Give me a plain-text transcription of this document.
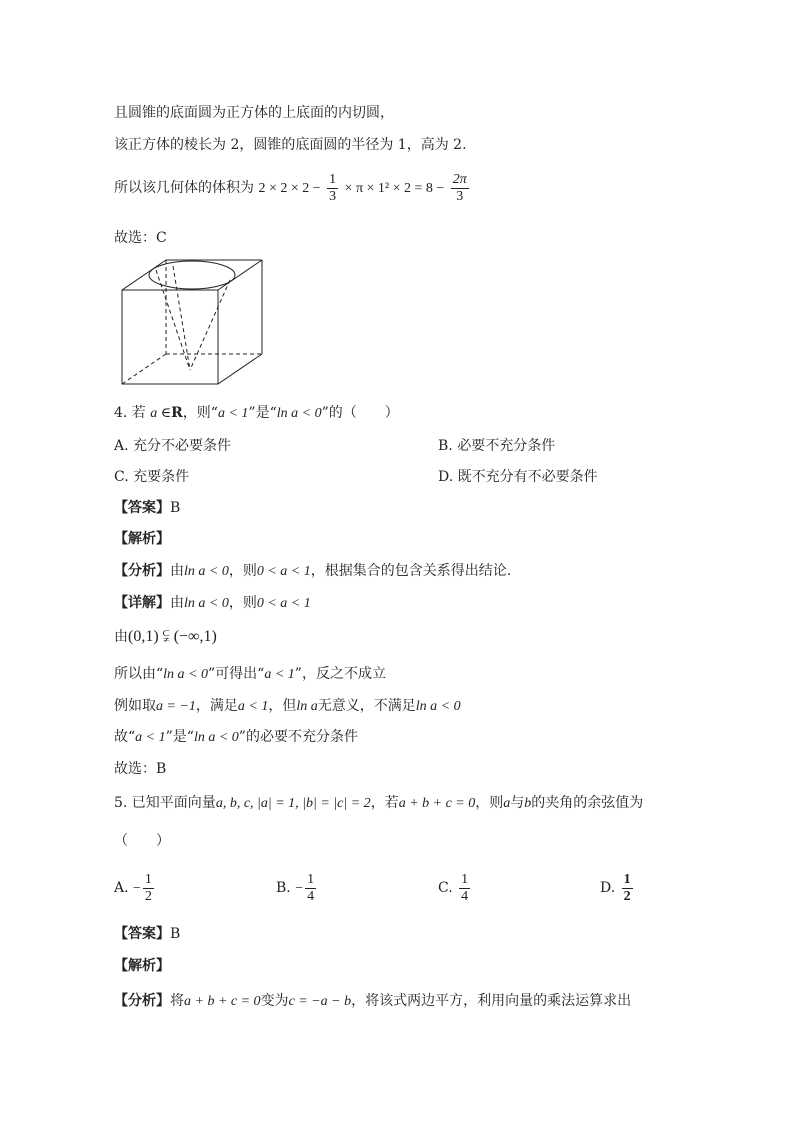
且圆锥的底面圆为正方体的上底面的内切圆，
该正方体的棱长为 2，圆锥的底面圆的半径为 1，高为 2.
所以该几何体的体积为 $2 \times 2 \times 2 - \frac{1}{3} \times \pi \times 1^2 \times 2 = 8 - \frac{2\pi}{3}$
故选：C
4. 若 a ∈R，则“a < 1”是“ln a < 0”的（　　）
A. 充分不必要条件	B. 必要不充分条件
C. 充要条件	D. 既不充分有不必要条件
【答案】B
【解析】
【分析】由ln a < 0，则0 < a < 1，根据集合的包含关系得出结论.
【详解】由ln a < 0，则0 < a < 1
由(0,1) ⫋ (−∞,1)
所以由“ln a < 0”可得出“a < 1”，反之不成立
例如取a = −1，满足a < 1，但ln a无意义，不满足ln a < 0
故“a < 1”是“ln a < 0”的必要不充分条件
故选：B
5. 已知平面向量a, b, c, |a| = 1, |b| = |c| = 2，若a + b + c = 0，则a与b的夹角的余弦值为
（　　）
A. − $\frac{1}{2}$	B. − $\frac{1}{4}$	C. $\frac{1}{4}$	D. $\frac{1}{2}$
【答案】B
【解析】
【分析】将a + b + c = 0变为c = −a − b，将该式两边平方，利用向量的乘法运算求出
